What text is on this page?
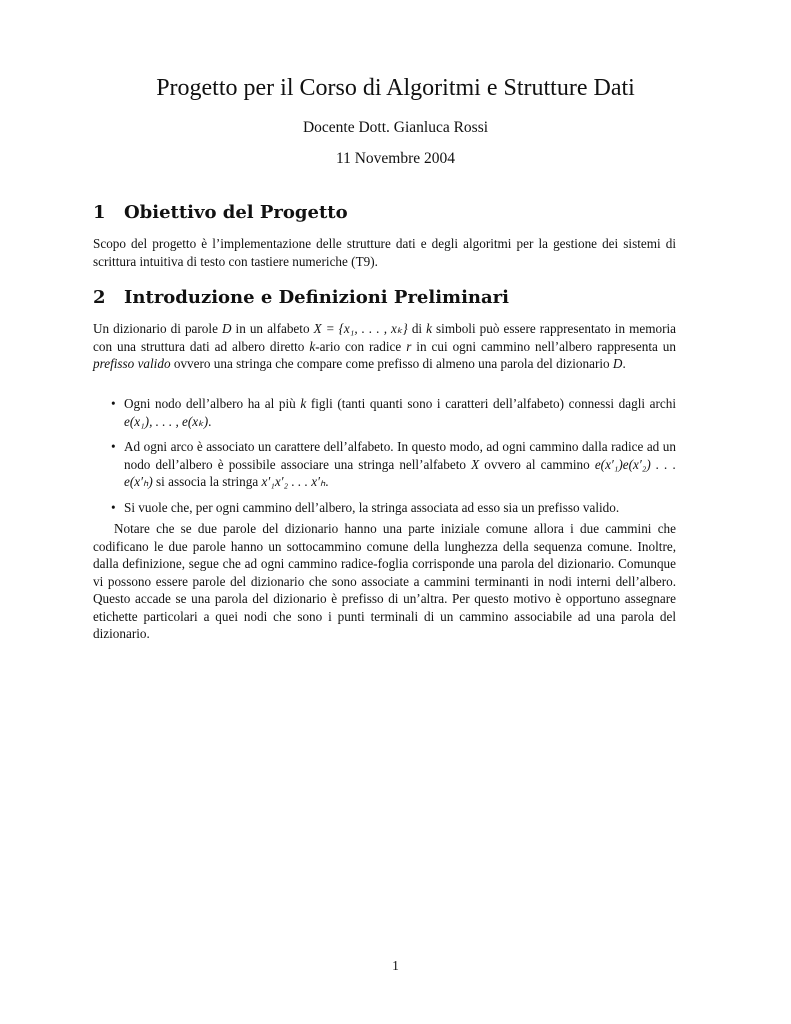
Progetto per il Corso di Algoritmi e Strutture Dati

Docente Dott. Gianluca Rossi

11 Novembre 2004

1 Obiettivo del Progetto

Scopo del progetto è l’implementazione delle strutture dati e degli algoritmi per la gestione dei sistemi di scrittura intuitiva di testo con tastiere numeriche (T9).

2 Introduzione e Definizioni Preliminari

Un dizionario di parole D in un alfabeto X = {x₁, . . . , xₖ} di k simboli può essere rappresentato in memoria con una struttura dati ad albero diretto k-ario con radice r in cui ogni cammino nell’albero rappresenta un prefisso valido ovvero una stringa che compare come prefisso di almeno una parola del dizionario D.

• Ogni nodo dell’albero ha al più k figli (tanti quanti sono i caratteri dell’alfabeto) connessi dagli archi e(x₁), . . . , e(xₖ).
• Ad ogni arco è associato un carattere dell’alfabeto. In questo modo, ad ogni cammino dalla radice ad un nodo dell’albero è possibile associare una stringa nell’alfabeto X ovvero al cammino e(x′₁)e(x′₂) . . . e(x′ₕ) si associa la stringa x′₁x′₂ . . . x′ₕ.
• Si vuole che, per ogni cammino dell’albero, la stringa associata ad esso sia un prefisso valido.

Notare che se due parole del dizionario hanno una parte iniziale comune allora i due cammini che codificano le due parole hanno un sottocammino comune della lunghezza della sequenza comune. Inoltre, dalla definizione, segue che ad ogni cammino radice-foglia corrisponde una parola del dizionario. Comunque vi possono essere parole del dizionario che sono associate a cammini terminanti in nodi interni dell’albero. Questo accade se una parola del dizionario è prefisso di un’altra. Per questo motivo è opportuno assegnare etichette particolari a quei nodi che sono i punti terminali di un cammino associabile ad una parola del dizionario.

1
